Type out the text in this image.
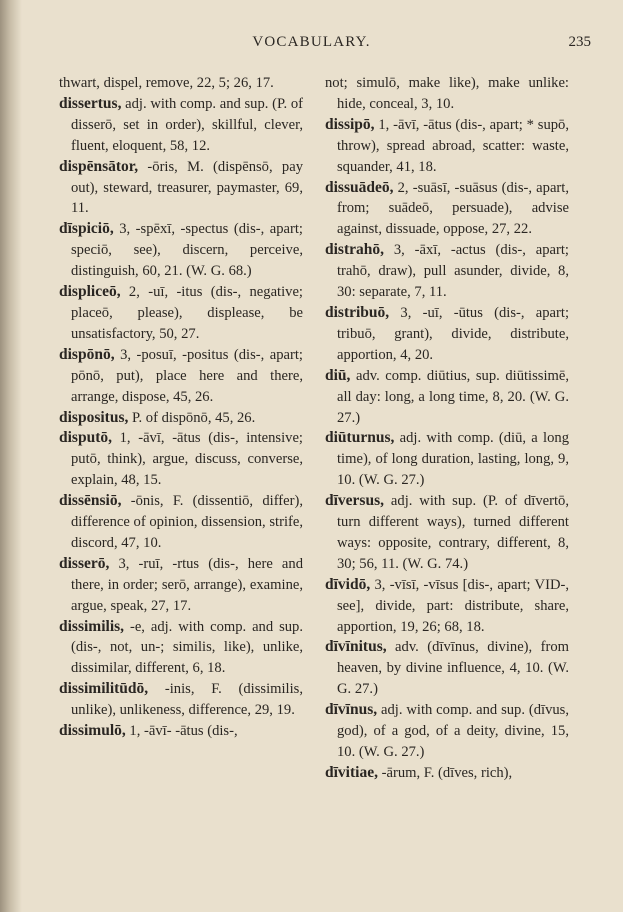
VOCABULARY.	235

thwart, dispel, remove, 22, 5; 26, 17.

dissertus, adj. with comp. and sup. (P. of disserō, set in order), skillful, clever, fluent, eloquent, 58, 12.

dispēnsātor, -ōris, M. (dispēnsō, pay out), steward, treasurer, paymaster, 69, 11.

dīspiciō, 3, -spēxī, -spectus (dis-, apart; speciō, see), discern, perceive, distinguish, 60, 21. (W. G. 68.)

displiceō, 2, -uī, -itus (dis-, negative; placeō, please), displease, be unsatisfactory, 50, 27.

dispōnō, 3, -posuī, -positus (dis-, apart; pōnō, put), place here and there, arrange, dispose, 45, 26.

dispositus, P. of dispōnō, 45, 26.

disputō, 1, -āvī, -ātus (dis-, intensive; putō, think), argue, discuss, converse, explain, 48, 15.

dissēnsiō, -ōnis, F. (dissentiō, differ), difference of opinion, dissension, strife, discord, 47, 10.

disserō, 3, -ruī, -rtus (dis-, here and there, in order; serō, arrange), examine, argue, speak, 27, 17.

dissimilis, -e, adj. with comp. and sup. (dis-, not, un-; similis, like), unlike, dissimilar, different, 6, 18.

dissimilitūdō, -inis, F. (dissimilis, unlike), unlikeness, difference, 29, 19.

dissimulō, 1, -āvī- -ātus (dis-,

not; simulō, make like), make unlike: hide, conceal, 3, 10.

dissipō, 1, -āvī, -ātus (dis-, apart; * supō, throw), spread abroad, scatter: waste, squander, 41, 18.

dissuādeō, 2, -suāsī, -suāsus (dis-, apart, from; suādeō, persuade), advise against, dissuade, oppose, 27, 22.

distrahō, 3, -āxī, -actus (dis-, apart; trahō, draw), pull asunder, divide, 8, 30: separate, 7, 11.

distribuō, 3, -uī, -ūtus (dis-, apart; tribuō, grant), divide, distribute, apportion, 4, 20.

diū, adv. comp. diūtius, sup. diūtissimē, all day: long, a long time, 8, 20. (W. G. 27.)

diūturnus, adj. with comp. (diū, a long time), of long duration, lasting, long, 9, 10. (W. G. 27.)

dīversus, adj. with sup. (P. of dīvertō, turn different ways), turned different ways: opposite, contrary, different, 8, 30; 56, 11. (W. G. 74.)

dīvidō, 3, -vīsī, -vīsus [dis-, apart; VID-, see], divide, part: distribute, share, apportion, 19, 26; 68, 18.

dīvīnitus, adv. (dīvīnus, divine), from heaven, by divine influence, 4, 10. (W. G. 27.)

dīvīnus, adj. with comp. and sup. (dīvus, god), of a god, of a deity, divine, 15, 10. (W. G. 27.)

dīvitiae, -ārum, F. (dīves, rich),
